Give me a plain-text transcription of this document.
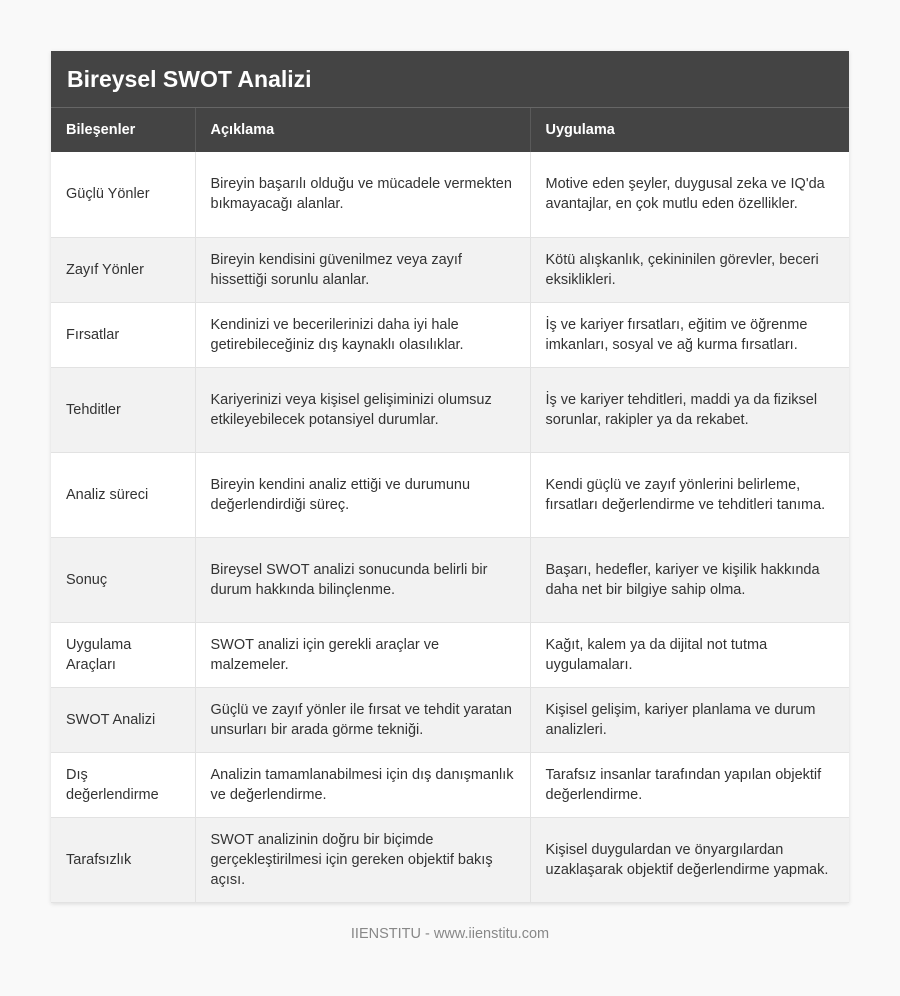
Bireysel SWOT Analizi
Bileşenler	Açıklama	Uygulama
Güçlü Yönler	Bireyin başarılı olduğu ve mücadele vermekten bıkmayacağı alanlar.	Motive eden şeyler, duygusal zeka ve IQ'da avantajlar, en çok mutlu eden özellikler.
Zayıf Yönler	Bireyin kendisini güvenilmez veya zayıf hissettiği sorunlu alanlar.	Kötü alışkanlık, çekininilen görevler, beceri eksiklikleri.
Fırsatlar	Kendinizi ve becerilerinizi daha iyi hale getirebileceğiniz dış kaynaklı olasılıklar.	İş ve kariyer fırsatları, eğitim ve öğrenme imkanları, sosyal ve ağ kurma fırsatları.
Tehditler	Kariyerinizi veya kişisel gelişiminizi olumsuz etkileyebilecek potansiyel durumlar.	İş ve kariyer tehditleri, maddi ya da fiziksel sorunlar, rakipler ya da rekabet.
Analiz süreci	Bireyin kendini analiz ettiği ve durumunu değerlendirdiği süreç.	Kendi güçlü ve zayıf yönlerini belirleme, fırsatları değerlendirme ve tehditleri tanıma.
Sonuç	Bireysel SWOT analizi sonucunda belirli bir durum hakkında bilinçlenme.	Başarı, hedefler, kariyer ve kişilik hakkında daha net bir bilgiye sahip olma.
Uygulama Araçları	SWOT analizi için gerekli araçlar ve malzemeler.	Kağıt, kalem ya da dijital not tutma uygulamaları.
SWOT Analizi	Güçlü ve zayıf yönler ile fırsat ve tehdit yaratan unsurları bir arada görme tekniği.	Kişisel gelişim, kariyer planlama ve durum analizleri.
Dış değerlendirme	Analizin tamamlanabilmesi için dış danışmanlık ve değerlendirme.	Tarafsız insanlar tarafından yapılan objektif değerlendirme.
Tarafsızlık	SWOT analizinin doğru bir biçimde gerçekleştirilmesi için gereken objektif bakış açısı.	Kişisel duygulardan ve önyargılardan uzaklaşarak objektif değerlendirme yapmak.
IIENSTITU - www.iienstitu.com
